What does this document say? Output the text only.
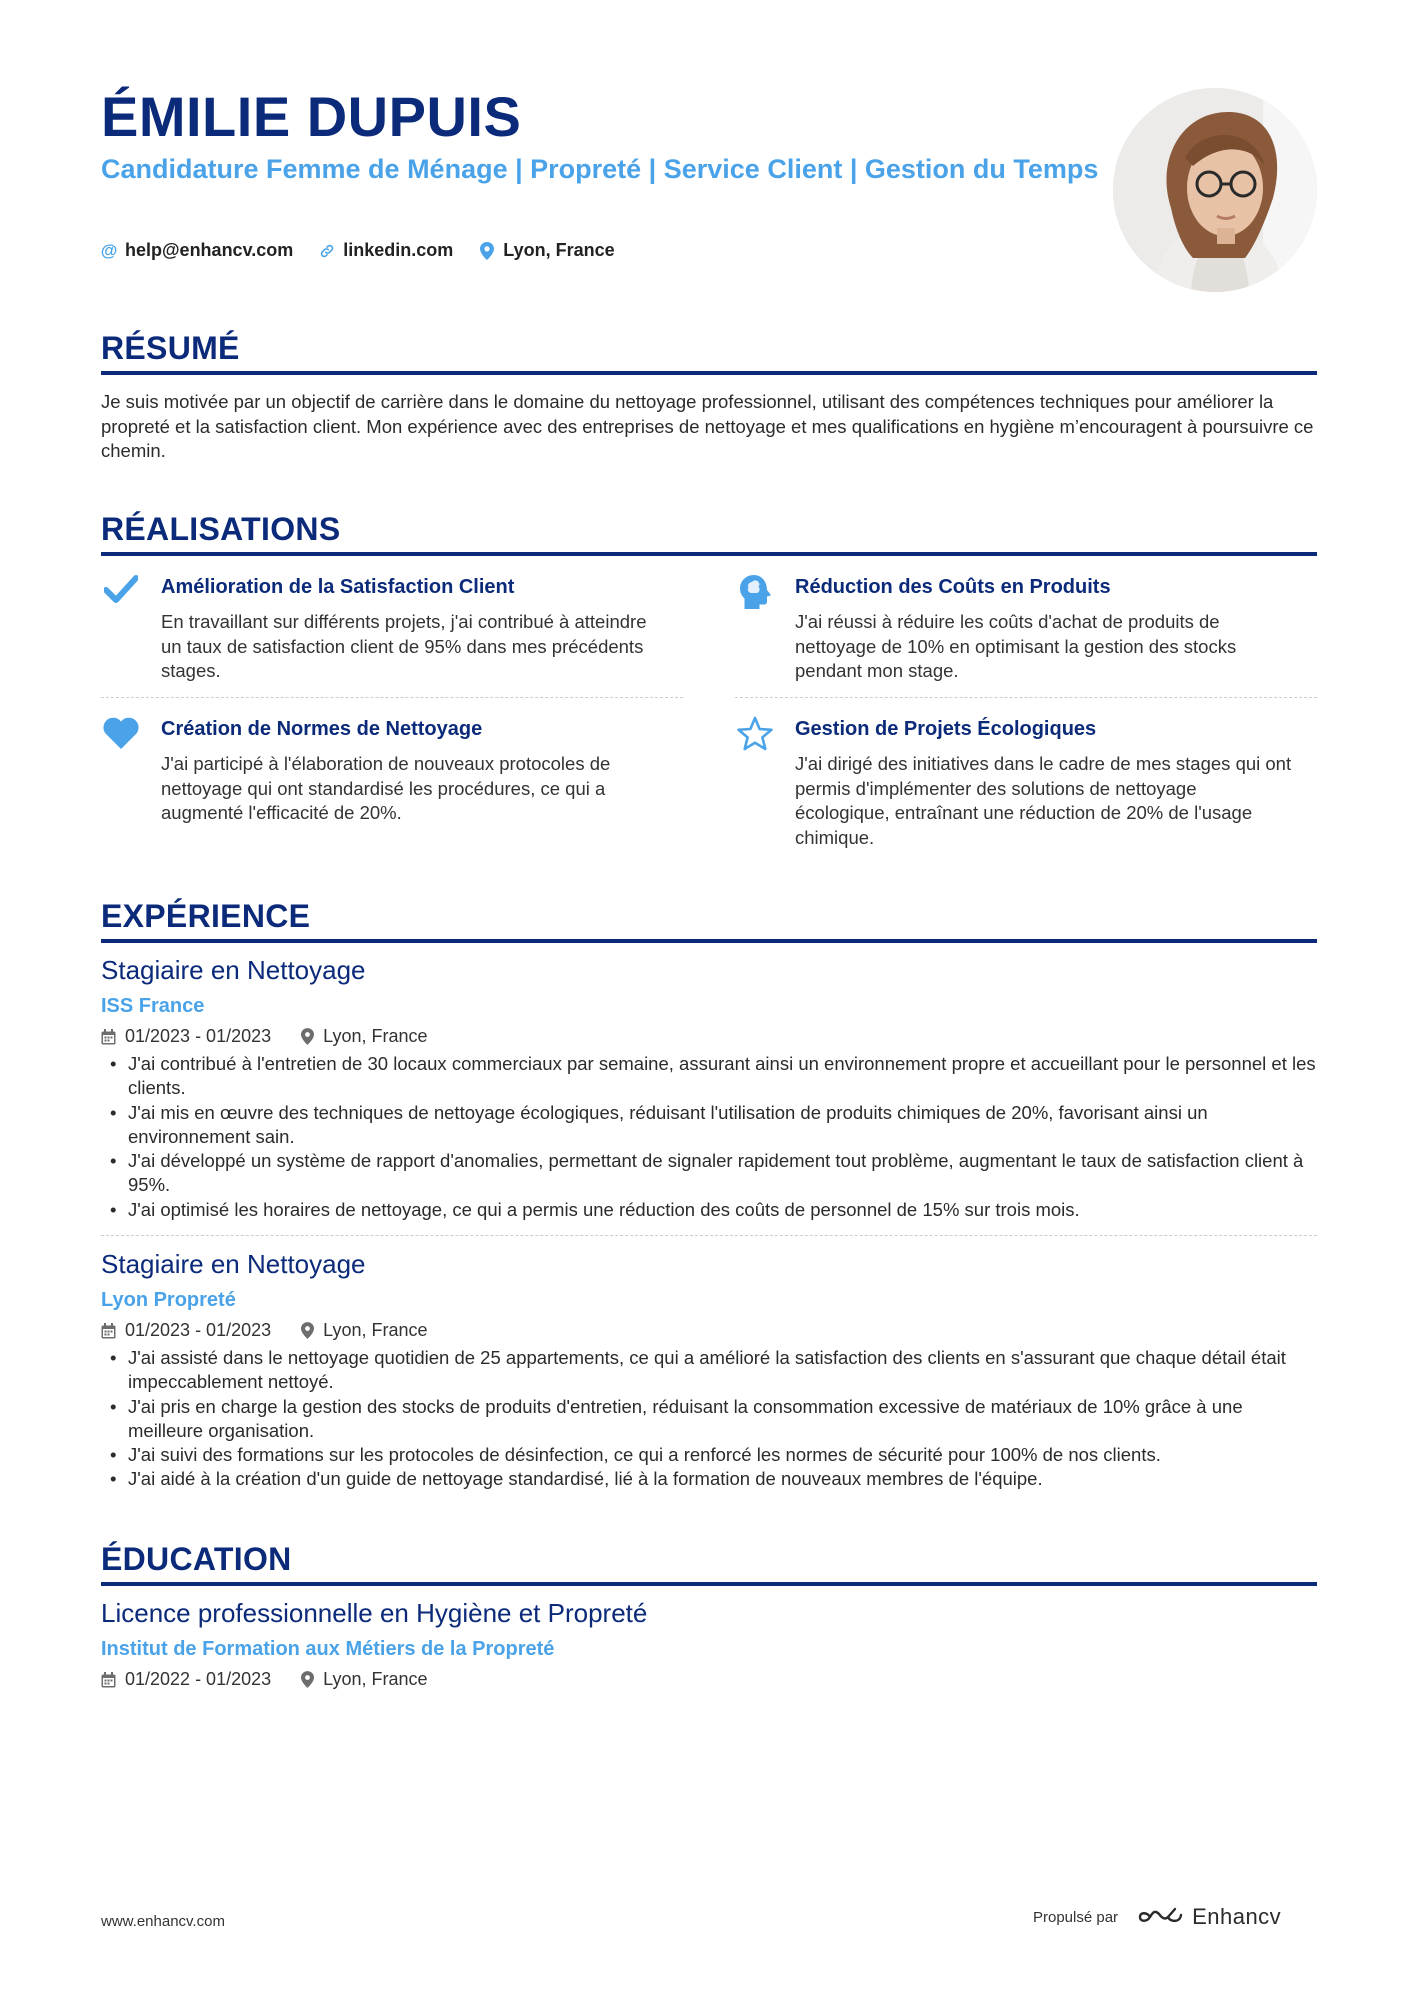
ÉMILIE DUPUIS
Candidature Femme de Ménage | Propreté | Service Client | Gestion du Temps
@ help@enhancv.com	linkedin.com	Lyon, France
RÉSUMÉ
Je suis motivée par un objectif de carrière dans le domaine du nettoyage professionnel, utilisant des compétences techniques pour améliorer la propreté et la satisfaction client. Mon expérience avec des entreprises de nettoyage et mes qualifications en hygiène m’encouragent à poursuivre ce chemin.
RÉALISATIONS
Amélioration de la Satisfaction Client
En travaillant sur différents projets, j'ai contribué à atteindre un taux de satisfaction client de 95% dans mes précédents stages.
Réduction des Coûts en Produits
J'ai réussi à réduire les coûts d'achat de produits de nettoyage de 10% en optimisant la gestion des stocks pendant mon stage.
Création de Normes de Nettoyage
J'ai participé à l'élaboration de nouveaux protocoles de nettoyage qui ont standardisé les procédures, ce qui a augmenté l'efficacité de 20%.
Gestion de Projets Écologiques
J'ai dirigé des initiatives dans le cadre de mes stages qui ont permis d'implémenter des solutions de nettoyage écologique, entraînant une réduction de 20% de l'usage chimique.
EXPÉRIENCE
Stagiaire en Nettoyage
ISS France
01/2023 - 01/2023	Lyon, France
• J'ai contribué à l'entretien de 30 locaux commerciaux par semaine, assurant ainsi un environnement propre et accueillant pour le personnel et les clients.
• J'ai mis en œuvre des techniques de nettoyage écologiques, réduisant l'utilisation de produits chimiques de 20%, favorisant ainsi un environnement sain.
• J'ai développé un système de rapport d'anomalies, permettant de signaler rapidement tout problème, augmentant le taux de satisfaction client à 95%.
• J'ai optimisé les horaires de nettoyage, ce qui a permis une réduction des coûts de personnel de 15% sur trois mois.
Stagiaire en Nettoyage
Lyon Propreté
01/2023 - 01/2023	Lyon, France
• J'ai assisté dans le nettoyage quotidien de 25 appartements, ce qui a amélioré la satisfaction des clients en s'assurant que chaque détail était impeccablement nettoyé.
• J'ai pris en charge la gestion des stocks de produits d'entretien, réduisant la consommation excessive de matériaux de 10% grâce à une meilleure organisation.
• J'ai suivi des formations sur les protocoles de désinfection, ce qui a renforcé les normes de sécurité pour 100% de nos clients.
• J'ai aidé à la création d'un guide de nettoyage standardisé, lié à la formation de nouveaux membres de l'équipe.
ÉDUCATION
Licence professionnelle en Hygiène et Propreté
Institut de Formation aux Métiers de la Propreté
01/2022 - 01/2023	Lyon, France
www.enhancv.com	Propulsé par	Enhancv
